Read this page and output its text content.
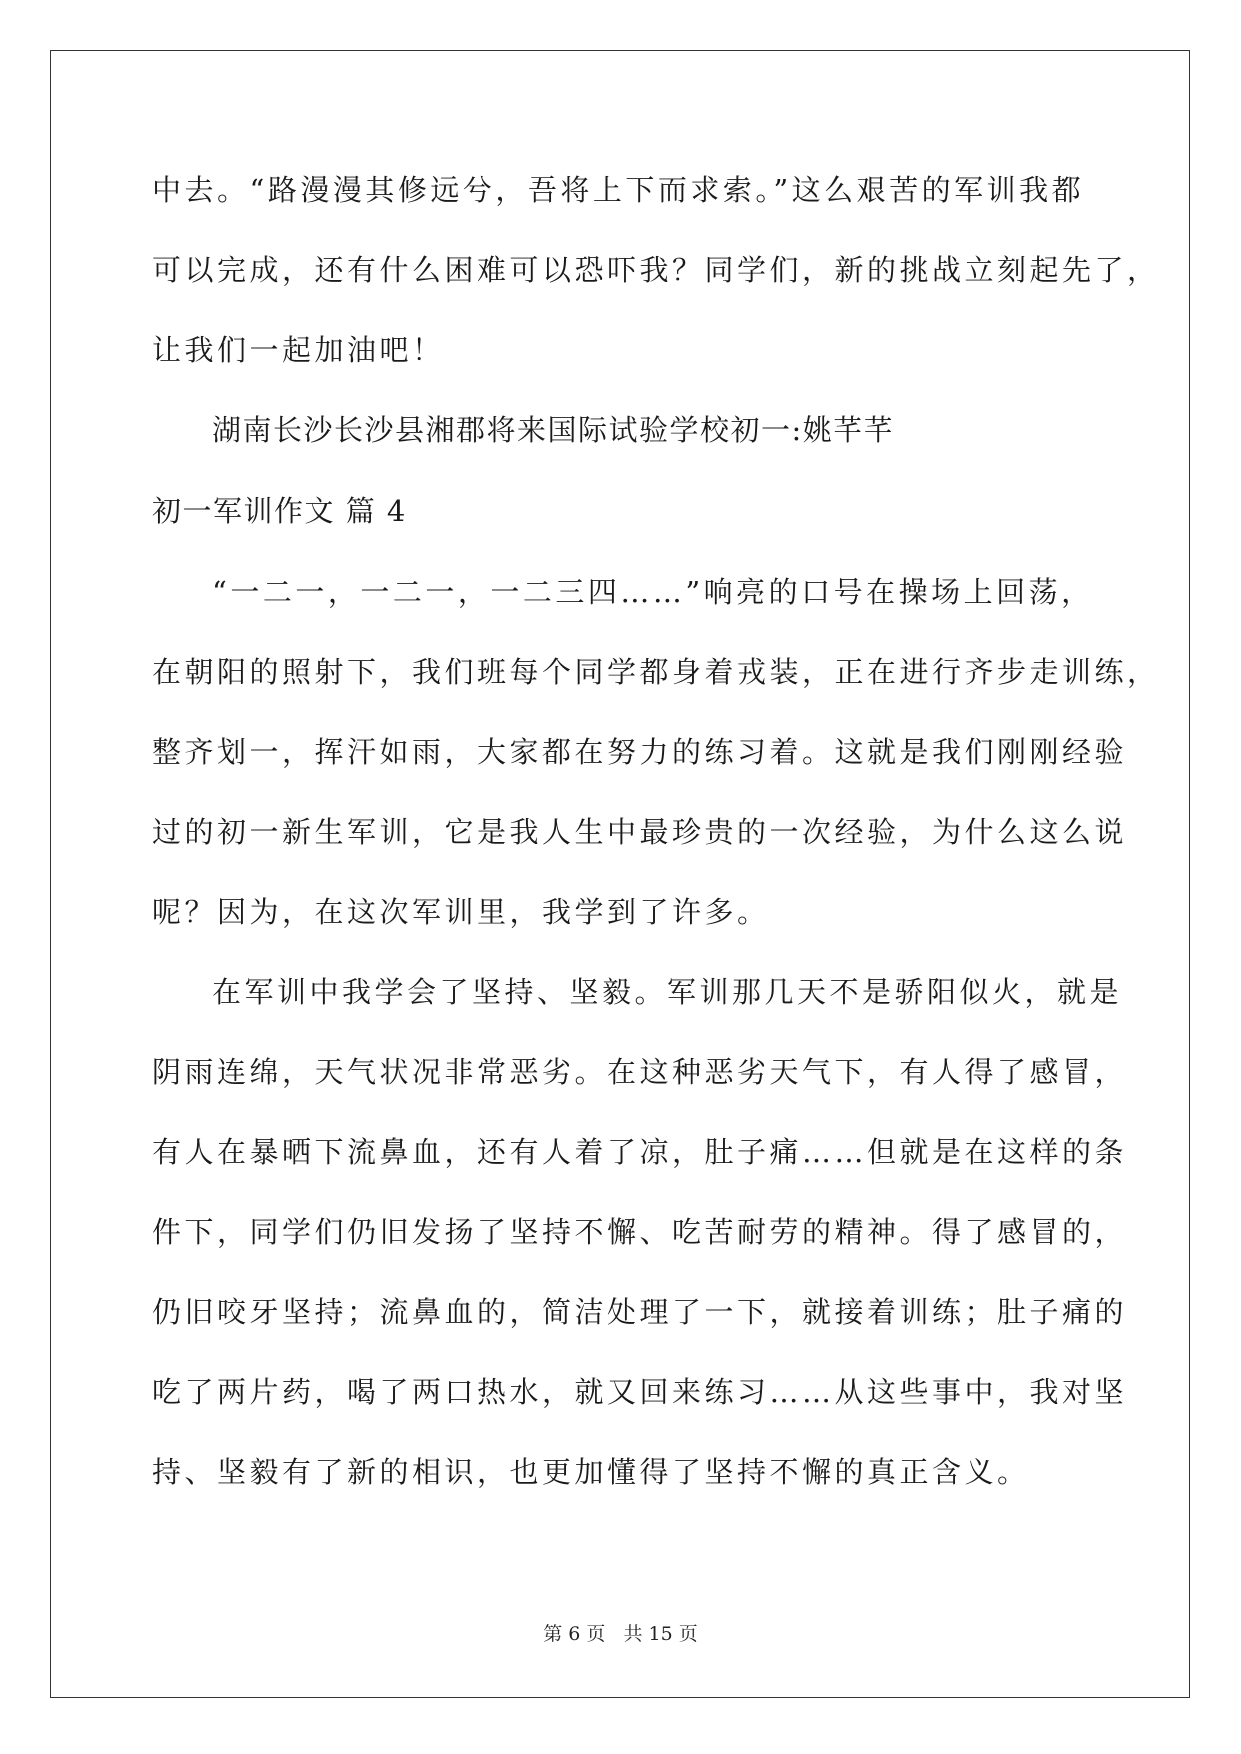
中去。“路漫漫其修远兮，吾将上下而求索。”这么艰苦的军训我都
可以完成，还有什么困难可以恐吓我？同学们，新的挑战立刻起先了，
让我们一起加油吧！
湖南长沙长沙县湘郡将来国际试验学校初一:姚芊芊
初一军训作文 篇 4
“一二一，一二一，一二三四……”响亮的口号在操场上回荡，
在朝阳的照射下，我们班每个同学都身着戎装，正在进行齐步走训练，
整齐划一，挥汗如雨，大家都在努力的练习着。这就是我们刚刚经验
过的初一新生军训，它是我人生中最珍贵的一次经验，为什么这么说
呢？因为，在这次军训里，我学到了许多。
在军训中我学会了坚持、坚毅。军训那几天不是骄阳似火，就是
阴雨连绵，天气状况非常恶劣。在这种恶劣天气下，有人得了感冒，
有人在暴晒下流鼻血，还有人着了凉，肚子痛……但就是在这样的条
件下，同学们仍旧发扬了坚持不懈、吃苦耐劳的精神。得了感冒的，
仍旧咬牙坚持；流鼻血的，简洁处理了一下，就接着训练；肚子痛的
吃了两片药，喝了两口热水，就又回来练习……从这些事中，我对坚
持、坚毅有了新的相识，也更加懂得了坚持不懈的真正含义。
第 6 页 共 15 页
